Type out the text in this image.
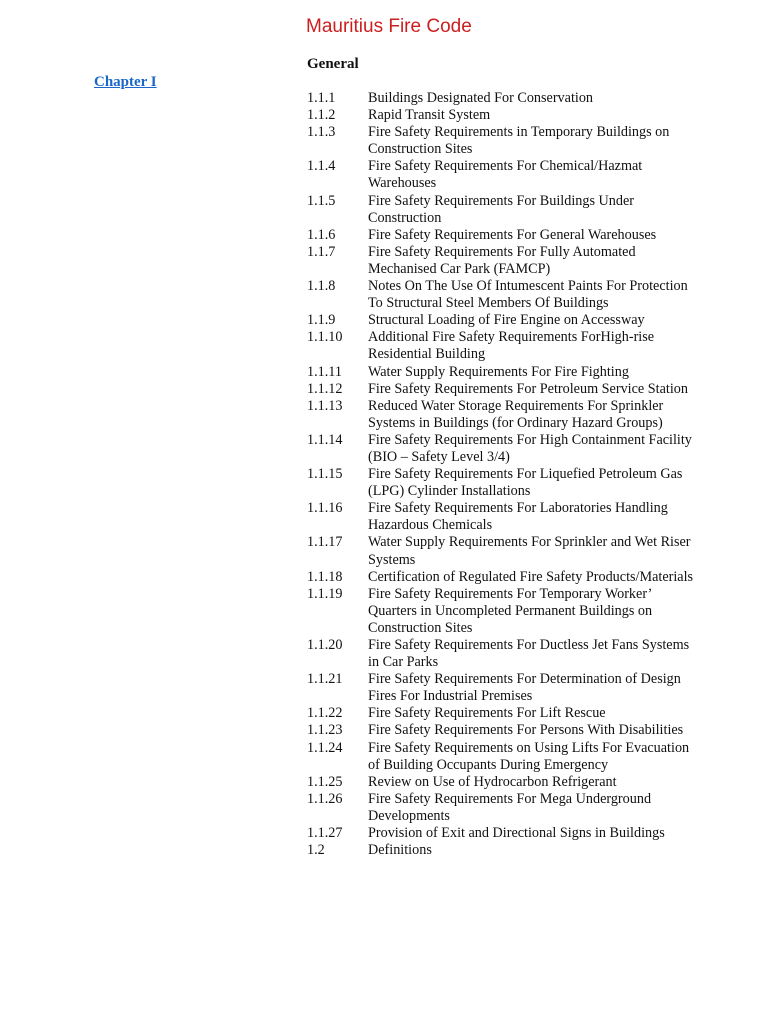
Mauritius Fire Code
Chapter I
General
1.1.1	Buildings Designated For Conservation
1.1.2	Rapid Transit System
1.1.3	Fire Safety Requirements in Temporary Buildings on Construction Sites
1.1.4	Fire Safety Requirements For Chemical/Hazmat Warehouses
1.1.5	Fire Safety Requirements For Buildings Under Construction
1.1.6	Fire Safety Requirements For General Warehouses
1.1.7	Fire Safety Requirements For Fully Automated Mechanised Car Park (FAMCP)
1.1.8	Notes On The Use Of Intumescent Paints For Protection To Structural Steel Members Of Buildings
1.1.9	Structural Loading of Fire Engine on Accessway
1.1.10	Additional Fire Safety Requirements ForHigh-rise Residential Building
1.1.11	Water Supply Requirements For Fire Fighting
1.1.12	Fire Safety Requirements For Petroleum Service Station
1.1.13	Reduced Water Storage Requirements For Sprinkler Systems in Buildings (for Ordinary Hazard Groups)
1.1.14	Fire Safety Requirements For High Containment Facility (BIO – Safety Level 3/4)
1.1.15	Fire Safety Requirements For Liquefied Petroleum Gas (LPG) Cylinder Installations
1.1.16	Fire Safety Requirements For Laboratories Handling Hazardous Chemicals
1.1.17	Water Supply Requirements For Sprinkler and Wet Riser Systems
1.1.18	Certification of Regulated Fire Safety Products/Materials
1.1.19	Fire Safety Requirements For Temporary Worker’ Quarters in Uncompleted Permanent Buildings on Construction Sites
1.1.20	Fire Safety Requirements For Ductless Jet Fans Systems in Car Parks
1.1.21	Fire Safety Requirements For Determination of Design Fires For Industrial Premises
1.1.22	Fire Safety Requirements For Lift Rescue
1.1.23	Fire Safety Requirements For Persons With Disabilities
1.1.24	Fire Safety Requirements on Using Lifts For Evacuation of Building Occupants During Emergency
1.1.25	Review on Use of Hydrocarbon Refrigerant
1.1.26	Fire Safety Requirements For Mega Underground Developments
1.1.27	Provision of Exit and Directional Signs in Buildings
1.2	Definitions
